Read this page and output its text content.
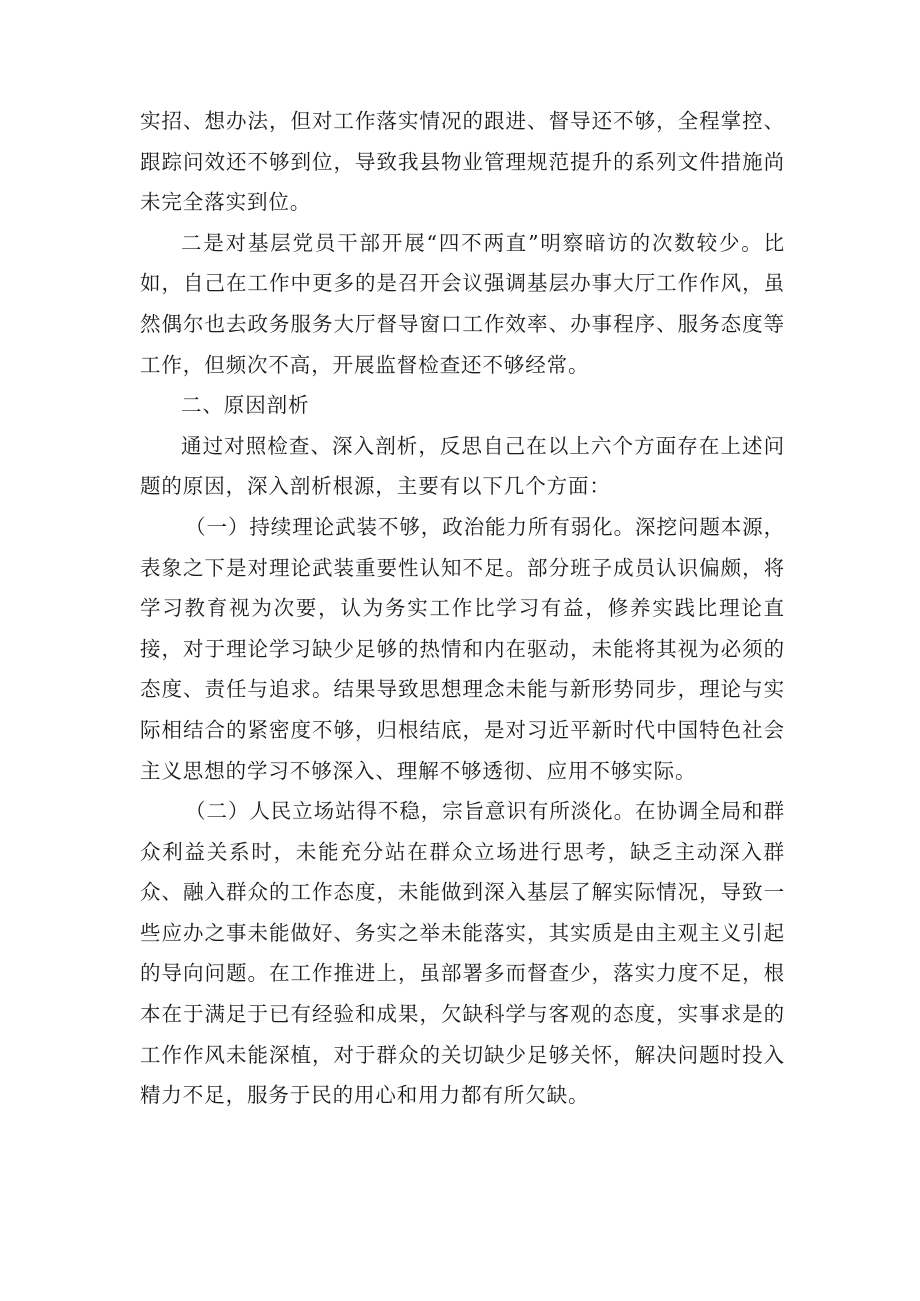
实招、想办法，但对工作落实情况的跟进、督导还不够，全程掌控、跟踪问效还不够到位，导致我县物业管理规范提升的系列文件措施尚未完全落实到位。

二是对基层党员干部开展“四不两直”明察暗访的次数较少。比如，自己在工作中更多的是召开会议强调基层办事大厅工作作风，虽然偶尔也去政务服务大厅督导窗口工作效率、办事程序、服务态度等工作，但频次不高，开展监督检查还不够经常。

二、原因剖析

通过对照检查、深入剖析，反思自己在以上六个方面存在上述问题的原因，深入剖析根源，主要有以下几个方面：

（一）持续理论武装不够，政治能力所有弱化。深挖问题本源，表象之下是对理论武装重要性认知不足。部分班子成员认识偏颇，将学习教育视为次要，认为务实工作比学习有益，修养实践比理论直接，对于理论学习缺少足够的热情和内在驱动，未能将其视为必须的态度、责任与追求。结果导致思想理念未能与新形势同步，理论与实际相结合的紧密度不够，归根结底，是对习近平新时代中国特色社会主义思想的学习不够深入、理解不够透彻、应用不够实际。

（二）人民立场站得不稳，宗旨意识有所淡化。在协调全局和群众利益关系时，未能充分站在群众立场进行思考，缺乏主动深入群众、融入群众的工作态度，未能做到深入基层了解实际情况，导致一些应办之事未能做好、务实之举未能落实，其实质是由主观主义引起的导向问题。在工作推进上，虽部署多而督查少，落实力度不足，根本在于满足于已有经验和成果，欠缺科学与客观的态度，实事求是的工作作风未能深植，对于群众的关切缺少足够关怀，解决问题时投入精力不足，服务于民的用心和用力都有所欠缺。
